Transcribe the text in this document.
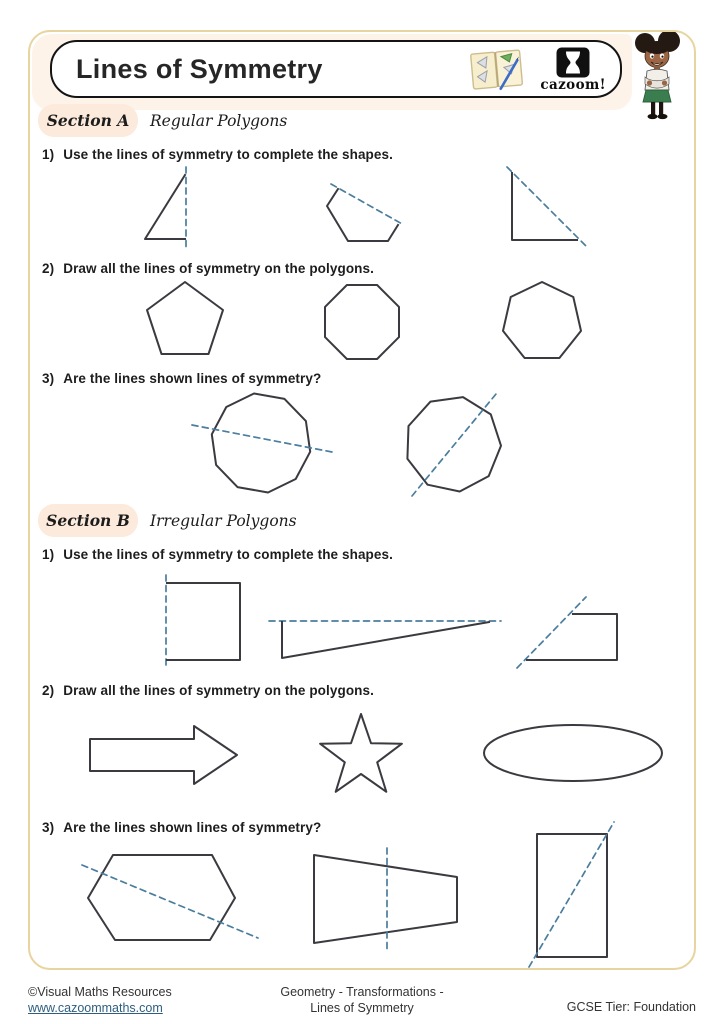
Lines of Symmetry
cazoom!
Section A Regular Polygons
1) Use the lines of symmetry to complete the shapes.
2) Draw all the lines of symmetry on the polygons.
3) Are the lines shown lines of symmetry?
Section B Irregular Polygons
1) Use the lines of symmetry to complete the shapes.
2) Draw all the lines of symmetry on the polygons.
3) Are the lines shown lines of symmetry?
©Visual Maths Resources
www.cazoommaths.com
Geometry - Transformations -
Lines of Symmetry	GCSE Tier: Foundation
